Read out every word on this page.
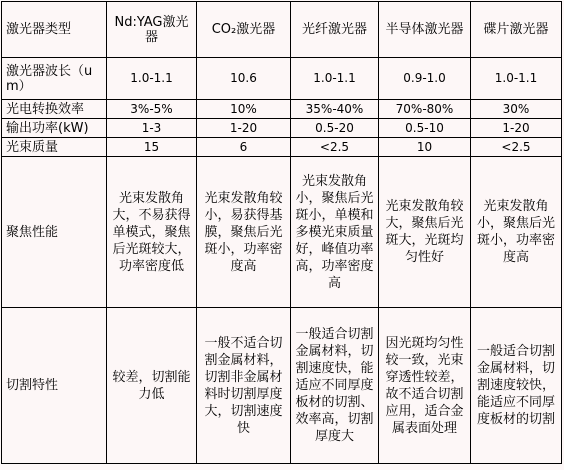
激光器类型	Nd:YAG激光器	CO₂激光器	光纤激光器	半导体激光器	碟片激光器
激光器波长（um）	1.0-1.1	10.6	1.0-1.1	0.9-1.0	1.0-1.1
光电转换效率	3%-5%	10%	35%-40%	70%-80%	30%
输出功率(kW)	1-3	1-20	0.5-20	0.5-10	1-20
光束质量	15	6	<2.5	10	<2.5
聚焦性能	光束发散角大，不易获得单模式，聚焦后光斑较大，功率密度低	光束发散角较小，易获得基膜，聚焦后光斑小，功率密度高	光束发散角小，聚焦后光斑小，单模和多模光束质量好，峰值功率高，功率密度高	光束发散角较大，聚焦后光斑大，光斑均匀性好	光束发散角小，聚焦后光斑小，功率密度高
切割特性	较差，切割能力低	一般不适合切割金属材料，切割非金属材料时切割厚度大，切割速度快	一般适合切割金属材料，切割速度快，能适应不同厚度板材的切割、效率高，切割厚度大	因光斑均匀性较一致，光束穿透性较差，故不适合切割应用，适合金属表面处理	一般适合切割金属材料，切割速度较快，能适应不同厚度板材的切割
